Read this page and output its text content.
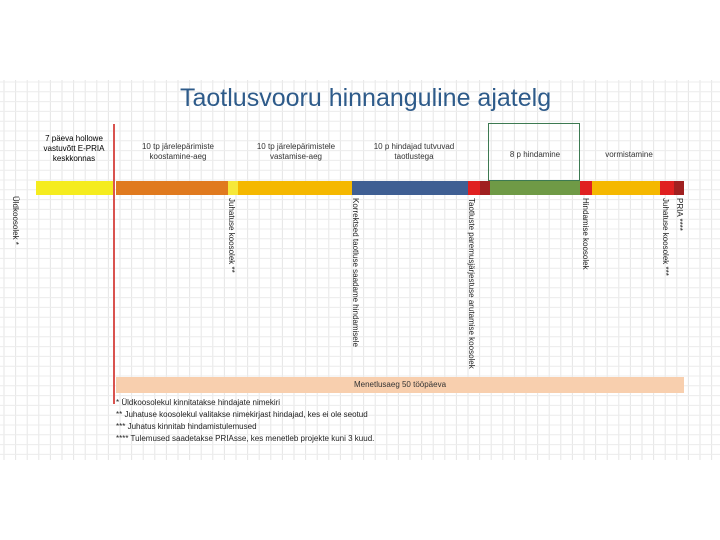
Taotlusvooru hinnanguline ajatelg
7 päeva hollowe vastuvõtt E-PRIA keskkonnas
10 tp järelepärimiste koostamine-aeg
10 tp järelepärimistele vastamise-aeg
10 p hindajad tutvuvad taotlustega	8 p hindamine	vormistamine
Üldkoosolek *	Juhatuse koosolek **	Korrektsed taotluse saadame hindamisele	Taotluste paremusjärjestuse arutamise koosolek	Hindamise koosolek	Juhatuse koosolek *** PRIA ****
Menetlusaeg 50 tööpäeva
* Üldkoosolekul kinnitatakse hindajate nimekiri
** Juhatuse koosolekul valitakse nimekirjast hindajad, kes ei ole seotud
*** Juhatus kinnitab hindamistulemused
**** Tulemused saadetakse PRIAsse, kes menetleb projekte kuni 3 kuud.
